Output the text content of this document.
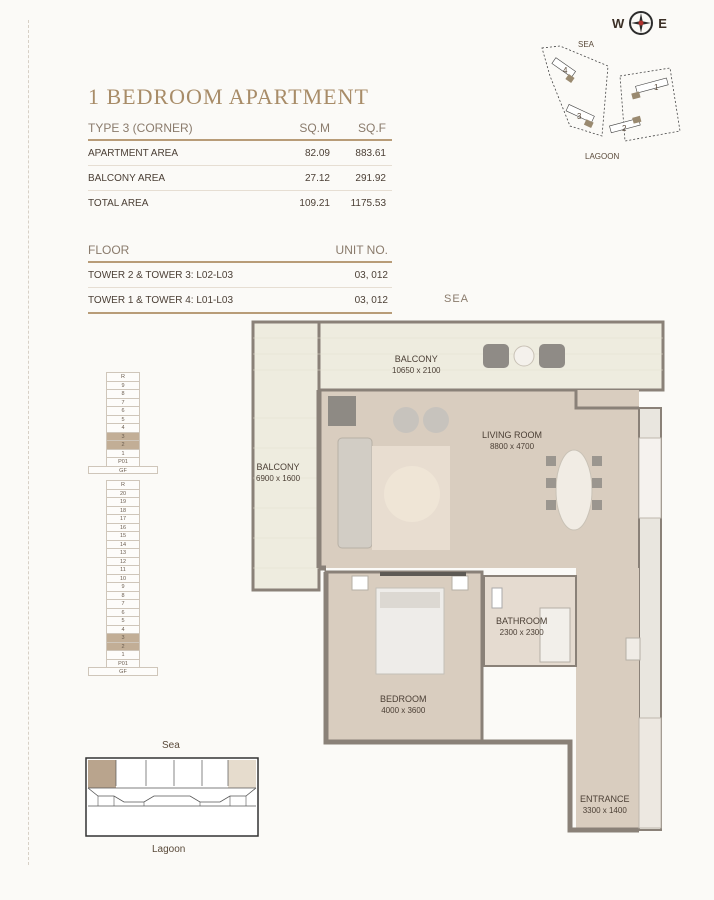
W	E
SEA
4
3
1
2
LAGOON
1 BEDROOM APARTMENT
TYPE 3 (CORNER)	SQ.M	SQ.F
APARTMENT AREA	82.09	883.61
BALCONY AREA	27.12	291.92
TOTAL AREA	109.21	1175.53
FLOOR	UNIT NO.
TOWER 2 & TOWER 3: L02-L03	03, 012
TOWER 1 & TOWER 4: L01-L03	03, 012
R
9
8
7
6
5
4
3
2
1
P01
GF
R
20
19
18
17
16
15
14
13
12
11
10
9
8
7
6
5
4
3
2
1
P01
GF
Sea
Lagoon
SEA
BALCONY
10650 x 2100
BALCONY
6900 x 1600
LIVING ROOM
8800 x 4700
BATHROOM
2300 x 2300
BEDROOM
4000 x 3600
ENTRANCE
3300 x 1400
